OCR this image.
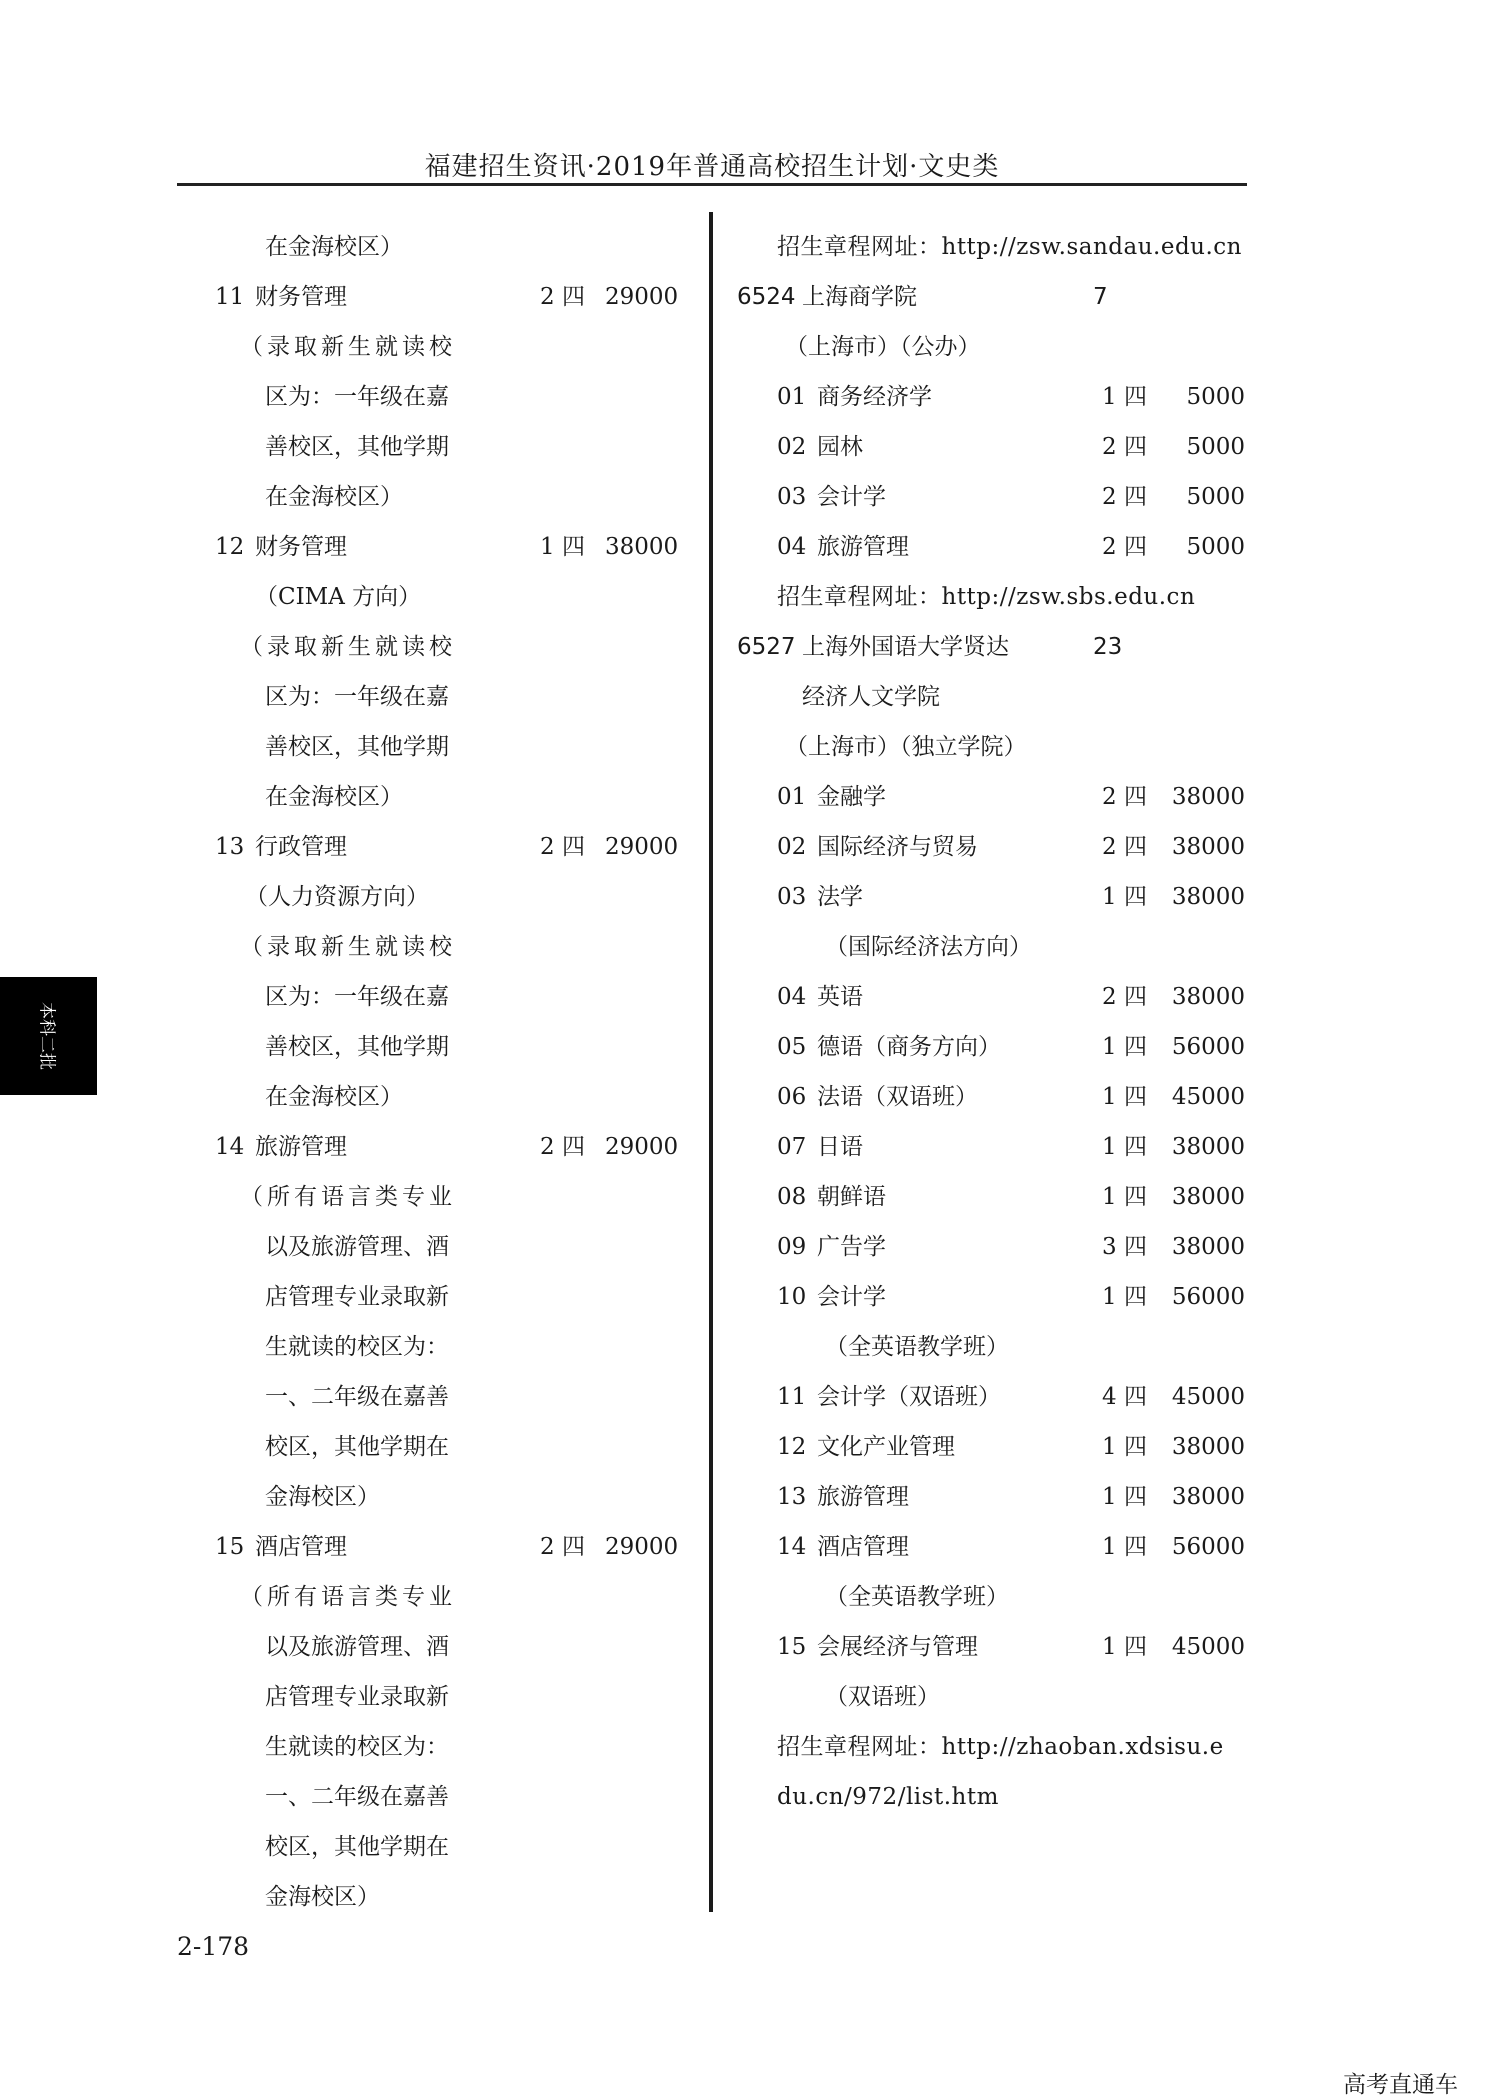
福建招生资讯·2019年普通高校招生计划·文史类
在金海校区）
11 财务管理	2 四 29000
（录取新生就读校
区为：一年级在嘉
善校区，其他学期
在金海校区）
12 财务管理	1 四 38000
（CIMA 方向）
（录取新生就读校
区为：一年级在嘉
善校区，其他学期
在金海校区）
13 行政管理	2 四 29000
（人力资源方向）
（录取新生就读校
区为：一年级在嘉
善校区，其他学期
在金海校区）
14 旅游管理	2 四 29000
（所有语言类专业
以及旅游管理、酒
店管理专业录取新
生就读的校区为：
一、二年级在嘉善
校区，其他学期在
金海校区）
15 酒店管理	2 四 29000
（所有语言类专业
以及旅游管理、酒
店管理专业录取新
生就读的校区为：
一、二年级在嘉善
校区，其他学期在
金海校区）
招生章程网址：http://zsw.sandau.edu.cn
6524 上海商学院	7
（上海市）（公办）
01 商务经济学	1 四	5000
02 园林	2 四	5000
03 会计学	2 四	5000
04 旅游管理	2 四	5000
招生章程网址：http://zsw.sbs.edu.cn
6527 上海外国语大学贤达	23
经济人文学院
（上海市）（独立学院）
01 金融学	2 四 38000
02 国际经济与贸易	2 四 38000
03 法学	1 四 38000
（国际经济法方向）
04 英语	2 四 38000
05 德语（商务方向）	1 四 56000
06 法语（双语班）	1 四 45000
07 日语	1 四 38000
08 朝鲜语	1 四 38000
09 广告学	3 四 38000
10 会计学	1 四 56000
（全英语教学班）
11 会计学（双语班）	4 四 45000
12 文化产业管理	1 四 38000
13 旅游管理	1 四 38000
14 酒店管理	1 四 56000
（全英语教学班）
15 会展经济与管理	1 四 45000
（双语班）
招生章程网址：http://zhaoban.xdsisu.e
du.cn/972/list.htm
2-178
本科二批
高考直通车
